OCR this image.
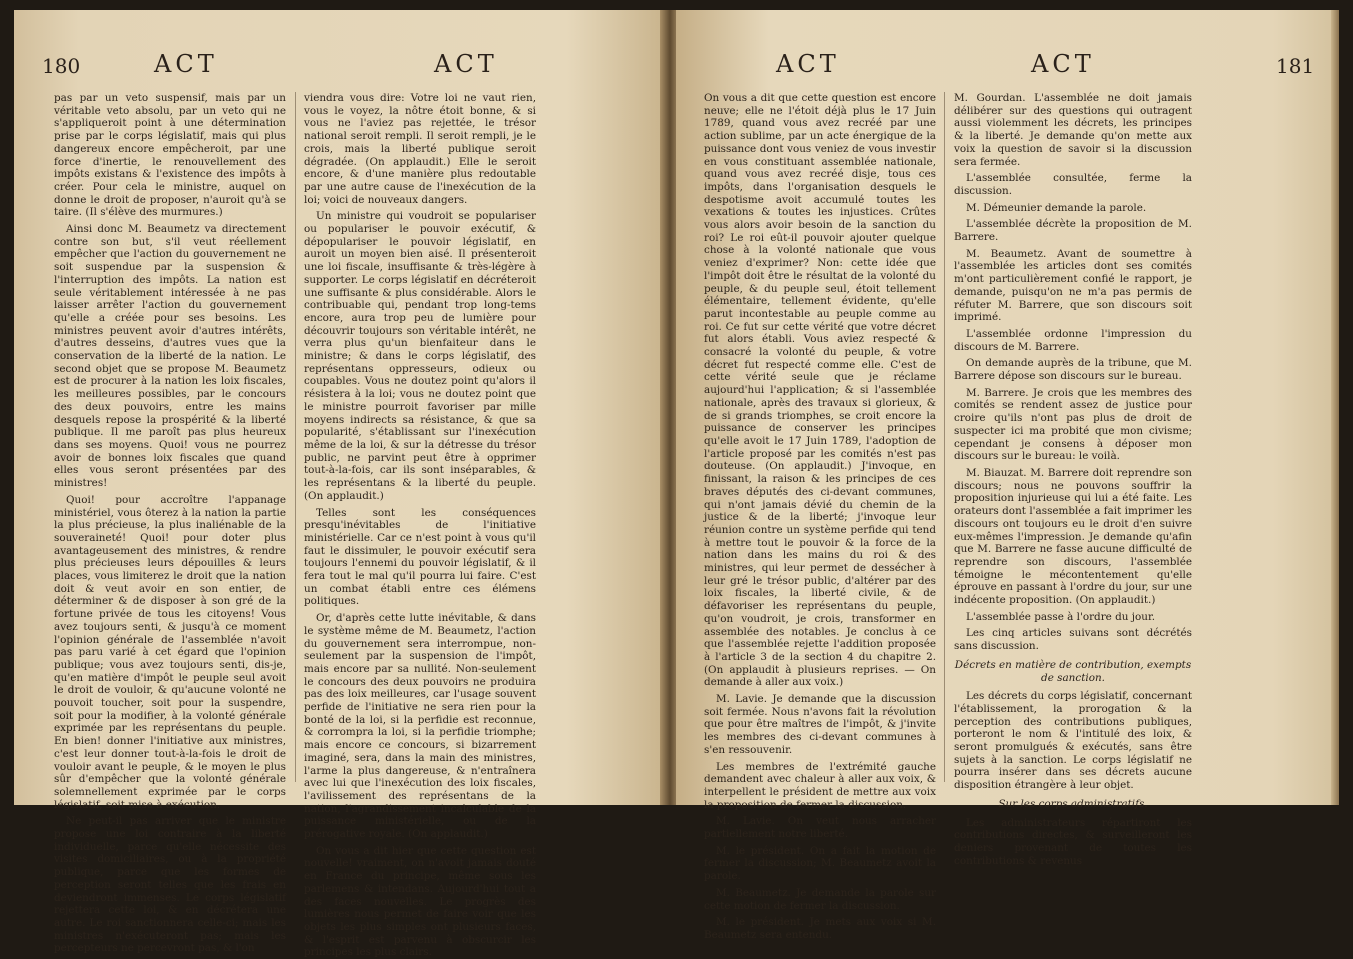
180	ACT	ACT

pas par un veto suspensif, mais par un véritable veto absolu, par un veto qui ne s'appliqueroit point à une détermination prise par le corps législatif, mais qui plus dangereux encore empêcheroit, par une force d'inertie, le renouvellement des impôts existans & l'existence des impôts à créer. Pour cela le ministre, auquel on donne le droit de proposer, n'auroit qu'à se taire. (Il s'élève des murmures.)

Ainsi donc M. Beaumetz va directement contre son but, s'il veut réellement empêcher que l'action du gouvernement ne soit suspendue par la suspension & l'interruption des impôts. La nation est seule véritablement intéressée à ne pas laisser arrêter l'action du gouvernement qu'elle a créée pour ses besoins. Les ministres peuvent avoir d'autres intérêts, d'autres desseins, d'autres vues que la conservation de la liberté de la nation. Le second objet que se propose M. Beaumetz est de procurer à la nation les loix fiscales, les meilleures possibles, par le concours des deux pouvoirs, entre les mains desquels repose la prospérité & la liberté publique. Il me paroît pas plus heureux dans ses moyens. Quoi! vous ne pourrez avoir de bonnes loix fiscales que quand elles vous seront présentées par des ministres!

Quoi! pour accroître l'appanage ministériel, vous ôterez à la nation la partie la plus précieuse, la plus inaliénable de la souveraineté! Quoi! pour doter plus avantageusement des ministres, & rendre plus précieuses leurs dépouilles & leurs places, vous limiterez le droit que la nation doit & veut avoir en son entier, de déterminer & de disposer à son gré de la fortune privée de tous les citoyens! Vous avez toujours senti, & jusqu'à ce moment l'opinion générale de l'assemblée n'avoit pas paru varié à cet égard que l'opinion publique; vous avez toujours senti, dis-je, qu'en matière d'impôt le peuple seul avoit le droit de vouloir, & qu'aucune volonté ne pouvoit toucher, soit pour la suspendre, soit pour la modifier, à la volonté générale exprimée par les représentans du peuple. En bien! donner l'initiative aux ministres, c'est leur donner tout-à-la-fois le droit de vouloir avant le peuple, & le moyen le plus sûr d'empêcher que la volonté générale solemnellement exprimée par le corps législatif, soit mise à exécution.

Ne peut-il pas arriver que le ministre propose une loi contraire à la liberté individuelle, parce qu'elle nécessite des visites domiciliaires, ou à la propriété publique, parce que les formes de perception seront telles que les frais en deviendront immenses. Le corps législatif rejettera cette loi, & en décrétera une autre. Le roi sanctionnera celle-ci; mais les ministres n'exécuteront pas; mais les percepteurs ne percevront pas, & l'on

viendra vous dire: Votre loi ne vaut rien, vous le voyez, la nôtre étoit bonne, & si vous ne l'aviez pas rejettée, le trésor national seroit rempli. Il seroit rempli, je le crois, mais la liberté publique seroit dégradée. (On applaudit.) Elle le seroit encore, & d'une manière plus redoutable par une autre cause de l'inexécution de la loi; voici de nouveaux dangers.

Un ministre qui voudroit se populariser ou populariser le pouvoir exécutif, & dépopulariser le pouvoir législatif, en auroit un moyen bien aisé. Il présenteroit une loi fiscale, insuffisante & très-légère à supporter. Le corps législatif en décréteroit une suffisante & plus considérable. Alors le contribuable qui, pendant trop long-tems encore, aura trop peu de lumière pour découvrir toujours son véritable intérêt, ne verra plus qu'un bienfaiteur dans le ministre; & dans le corps législatif, des représentans oppresseurs, odieux ou coupables. Vous ne doutez point qu'alors il résistera à la loi; vous ne doutez point que le ministre pourroit favoriser par mille moyens indirects sa résistance, & que sa popularité, s'établissant sur l'inexécution même de la loi, & sur la détresse du trésor public, ne parvint peut être à opprimer tout-à-la-fois, car ils sont inséparables, & les représentans & la liberté du peuple. (On applaudit.)

Telles sont les conséquences presqu'inévitables de l'initiative ministérielle. Car ce n'est point à vous qu'il faut le dissimuler, le pouvoir exécutif sera toujours l'ennemi du pouvoir législatif, & il fera tout le mal qu'il pourra lui faire. C'est un combat établi entre ces élémens politiques.

Or, d'après cette lutte inévitable, & dans le système même de M. Beaumetz, l'action du gouvernement sera interrompue, non-seulement par la suspension de l'impôt, mais encore par sa nullité. Non-seulement le concours des deux pouvoirs ne produira pas des loix meilleures, car l'usage souvent perfide de l'initiative ne sera rien pour la bonté de la loi, si la perfidie est reconnue, & corrompra la loi, si la perfidie triomphe; mais encore ce concours, si bizarrement imaginé, sera, dans la main des ministres, l'arme la plus dangereuse, & n'entraînera avec lui que l'inexécution des loix fiscales, l'avilissement des représentans de la nation, l'agrandissement incalculable de la puissance ministérielle, ou de la prérogative royale. (On applaudit.)

On vous a dit hier que cette question est nouvelle! vraiment, on n'avoit jamais douté en France du principe, même sous les parlemens & intendans. Aujourd'hui tout a des faces nouvelles. Le progrès des lumières nous permet de faire voir que les objets les plus simples ont plusieurs faces, & l'esprit est parvenu à obscurcir les principes les plus clairs.

ACT	ACT	181

On vous a dit que cette question est encore neuve; elle ne l'étoit déjà plus le 17 Juin 1789, quand vous avez recréé par une action sublime, par un acte énergique de la puissance dont vous veniez de vous investir en vous constituant assemblée nationale, quand vous avez recréé disje, tous ces impôts, dans l'organisation desquels le despotisme avoit accumulé toutes les vexations & toutes les injustices. Crûtes vous alors avoir besoin de la sanction du roi? Le roi eût-il pouvoir ajouter quelque chose à la volonté nationale que vous veniez d'exprimer? Non: cette idée que l'impôt doit être le résultat de la volonté du peuple, & du peuple seul, étoit tellement élémentaire, tellement évidente, qu'elle parut incontestable au peuple comme au roi. Ce fut sur cette vérité que votre décret fut alors établi. Vous aviez respecté & consacré la volonté du peuple, & votre décret fut respecté comme elle. C'est de cette vérité seule que je réclame aujourd'hui l'application; & si l'assemblée nationale, après des travaux si glorieux, & de si grands triomphes, se croit encore la puissance de conserver les principes qu'elle avoit le 17 Juin 1789, l'adoption de l'article proposé par les comités n'est pas douteuse. (On applaudit.) J'invoque, en finissant, la raison & les principes de ces braves députés des ci-devant communes, qui n'ont jamais dévié du chemin de la justice & de la liberté; j'invoque leur réunion contre un système perfide qui tend à mettre tout le pouvoir & la force de la nation dans les mains du roi & des ministres, qui leur permet de dessécher à leur gré le trésor public, d'altérer par des loix fiscales, la liberté civile, & de défavoriser les représentans du peuple, qu'on voudroit, je crois, transformer en assemblée des notables. Je conclus à ce que l'assemblée rejette l'addition proposée à l'article 3 de la section 4 du chapitre 2. (On applaudit à plusieurs reprises. — On demande à aller aux voix.)

M. Lavie. Je demande que la discussion soit fermée. Nous n'avons fait la révolution que pour être maîtres de l'impôt, & j'invite les membres des ci-devant communes à s'en ressouvenir.

Les membres de l'extrémité gauche demandent avec chaleur à aller aux voix, & interpellent le président de mettre aux voix la proposition de fermer la discussion.

M. Lavie. On veut nous arracher partiellement notre liberté.

M. le président. On a fait la motion de fermer la discussion; M. Beaumetz avoit la parole.

M. Beaumetz. Je demande la parole sur cette motion de fermer la discussion.

M. le président. Je mets aux voix si M. Beaumetz sera entendu.

M. Gourdan. L'assemblée ne doit jamais délibérer sur des questions qui outragent aussi violemment les décrets, les principes & la liberté. Je demande qu'on mette aux voix la question de savoir si la discussion sera fermée.

L'assemblée consultée, ferme la discussion.

M. Démeunier demande la parole.

L'assemblée décrète la proposition de M. Barrere.

M. Beaumetz. Avant de soumettre à l'assemblée les articles dont ses comités m'ont particulièrement confié le rapport, je demande, puisqu'on ne m'a pas permis de réfuter M. Barrere, que son discours soit imprimé.

L'assemblée ordonne l'impression du discours de M. Barrere.

On demande auprès de la tribune, que M. Barrere dépose son discours sur le bureau.

M. Barrere. Je crois que les membres des comités se rendent assez de justice pour croire qu'ils n'ont pas plus de droit de suspecter ici ma probité que mon civisme; cependant je consens à déposer mon discours sur le bureau: le voilà.

M. Biauzat. M. Barrere doit reprendre son discours; nous ne pouvons souffrir la proposition injurieuse qui lui a été faite. Les orateurs dont l'assemblée a fait imprimer les discours ont toujours eu le droit d'en suivre eux-mêmes l'impression. Je demande qu'afin que M. Barrere ne fasse aucune difficulté de reprendre son discours, l'assemblée témoigne le mécontentement qu'elle éprouve en passant à l'ordre du jour, sur une indécente proposition. (On applaudit.)

L'assemblée passe à l'ordre du jour.

Les cinq articles suivans sont décrétés sans discussion.

Décrets en matière de contribution, exempts de sanction.

Les décrets du corps législatif, concernant l'établissement, la prorogation & la perception des contributions publiques, porteront le nom & l'intitulé des loix, & seront promulgués & exécutés, sans être sujets à la sanction. Le corps législatif ne pourra insérer dans ses décrets aucune disposition étrangère à leur objet.

Sur les corps administratifs.

Les administrateurs répartiront les contributions directes, & surveilleront les deniers provenant de toutes les contributions & revenus
